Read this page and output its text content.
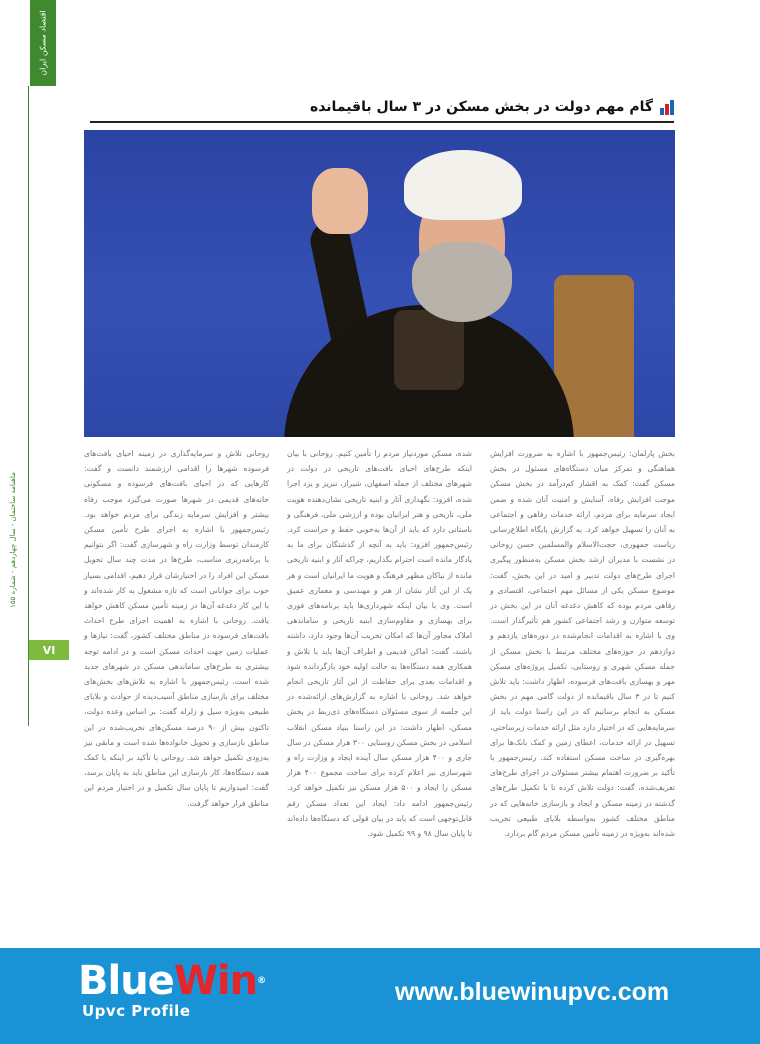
اقتصاد مسکن ایران
ماهنامه ساختمان - سال چهاردهم - شماره ۱۵۵
VI
گام مهم دولت در بخش مسکن در ۳ سال باقیمانده

بخش پارلمان: رئیس‌جمهور با اشاره به ضرورت افزایش هماهنگی و تمرکز میان دستگاه‌های مسئول در بخش مسکن گفت: کمک به اقشار کم‌درآمد در بخش مسکن موجب افزایش رفاه، آسایش و امنیت آنان شده و ضمن ایجاد سرمایه برای مردم، ارائه خدمات رفاهی و اجتماعی به آنان را تسهیل خواهد کرد. به گزارش پایگاه اطلاع‌رسانی ریاست جمهوری، حجت‌الاسلام والمسلمین حسن روحانی در نشست با مدیران ارشد بخش مسکن به‌منظور پیگیری اجرای طرح‌های دولت تدبیر و امید در این بخش، گفت: موضوع مسکن یکی از مسائل مهم اجتماعی، اقتصادی و رفاهی مردم بوده که کاهش دغدغه آنان در این بخش در توسعه متوازن و رشد اجتماعی کشور هم تأثیرگذار است. وی با اشاره به اقدامات انجام‌شده در دوره‌های یازدهم و دوازدهم در حوزه‌های مختلف مرتبط با بخش مسکن از جمله مسکن شهری و روستایی، تکمیل پروژه‌های مسکن مهر و بهسازی بافت‌های فرسوده، اظهار داشت: باید تلاش کنیم تا در ۳ سال باقیمانده از دولت گامی مهم در بخش مسکن به انجام برسانیم که در این راستا دولت باید از سرمایه‌هایی که در اختیار دارد مثل ارائه خدمات زیرساختی، تسهیل در ارائه خدمات، اعطای زمین و کمک بانک‌ها برای بهره‌گیری در ساخت مسکن استفاده کند. رئیس‌جمهور با تأکید بر ضرورت اهتمام بیشتر مسئولان در اجرای طرح‌های تعریف‌شده، گفت: دولت تلاش کرده تا با تکمیل طرح‌های گذشته در زمینه مسکن و ایجاد و بازسازی خانه‌هایی که در مناطق مختلف کشور به‌واسطه بلایای طبیعی تخریب شده‌اند به‌ویژه در زمینه تأمین مسکن مردم گام بردارد.

شده، مسکن موردنیاز مردم را تأمین کنیم. روحانی با بیان اینکه طرح‌های احیای بافت‌های تاریخی در دولت در شهرهای مختلف از جمله اصفهان، شیراز، تبریز و یزد اجرا شده، افزود: نگهداری آثار و ابنیه تاریخی نشان‌دهنده هویت ملی، تاریخی و هنر ایرانیان بوده و ارزشی ملی، فرهنگی و باستانی دارد که باید از آن‌ها به‌خوبی حفظ و حراست کرد. رئیس‌جمهور افزود: باید به آنچه از گذشتگان برای ما به یادگار مانده است احترام بگذاریم، چراکه آثار و ابنیه تاریخی مانده از نیاکان مظهر فرهنگ و هویت ما ایرانیان است و هر یک از این آثار نشان از هنر و مهندسی و معماری عمیق است. وی با بیان اینکه شهرداری‌ها باید برنامه‌های فوری برای بهسازی و مقاوم‌سازی ابنیه تاریخی و ساماندهی املاک مجاور آن‌ها که امکان تخریب آن‌ها وجود دارد، داشته باشند، گفت: اماکن قدیمی و اطراف آن‌ها باید با تلاش و همکاری همه دستگاه‌ها به حالت اولیه خود بازگردانده شود و اقدامات بعدی برای حفاظت از این آثار تاریخی انجام خواهد شد. روحانی با اشاره به گزارش‌های ارائه‌شده در این جلسه از سوی مسئولان دستگاه‌های ذی‌ربط در بخش مسکن، اظهار داشت: در این راستا بنیاد مسکن انقلاب اسلامی در بخش مسکن روستایی ۳۰۰ هزار مسکن در سال جاری و ۴۰۰ هزار مسکن سال آینده ایجاد و وزارت راه و شهرسازی نیز اعلام کرده برای ساخت مجموع ۴۰۰ هزار مسکن را ایجاد و ۵۰۰ هزار مسکن نیز تکمیل خواهد کرد. رئیس‌جمهور ادامه داد: ایجاد این تعداد مسکن رقم قابل‌توجهی است که باید در بیان قولی که دستگاه‌ها داده‌اند تا پایان سال ۹۸ و ۹۹ تکمیل شود.

روحانی تلاش و سرمایه‌گذاری در زمینه احیای بافت‌های فرسوده شهرها را اقدامی ارزشمند دانست و گفت: کارهایی که در احیای بافت‌های فرسوده و مسکونی خانه‌های قدیمی در شهرها صورت می‌گیرد موجب رفاه بیشتر و افزایش سرمایه زندگی برای مردم خواهد بود. رئیس‌جمهور با اشاره به اجرای طرح تأمین مسکن کارمندان توسط وزارت راه و شهرسازی گفت: اگر بتوانیم با برنامه‌ریزی مناسب، طرح‌ها در مدت چند سال تحویل مسکن این افراد را در اختیارشان قرار دهیم، اقدامی بسیار خوب برای جوانانی است که تازه مشغول به کار شده‌اند و با این کار دغدغه آن‌ها در زمینه تأمین مسکن کاهش خواهد یافت. روحانی با اشاره به اهمیت اجرای طرح احداث بافت‌های فرسوده در مناطق مختلف کشور، گفت: نیازها و عملیات زمین جهت احداث مسکن است و در ادامه توجه بیشتری به طرح‌های ساماندهی مسکن در شهرهای جدید شده است. رئیس‌جمهور با اشاره به تلاش‌های بخش‌های مختلف برای بازسازی مناطق آسیب‌دیده از حوادث و بلایای طبیعی به‌ویژه سیل و زلزله گفت: بر اساس وعده دولت، تاکنون بیش از ۹۰ درصد مسکن‌های تخریب‌شده در این مناطق بازسازی و تحویل خانواده‌ها شده است و مابقی نیز به‌زودی تکمیل خواهد شد. روحانی با تأکید بر اینکه با کمک همه دستگاه‌ها، کار بازسازی این مناطق باید به پایان برسد، گفت: امیدواریم تا پایان سال تکمیل و در اختیار مردم این مناطق قرار خواهد گرفت.

BlueWin®
Upvc Profile
www.bluewinupvc.com
